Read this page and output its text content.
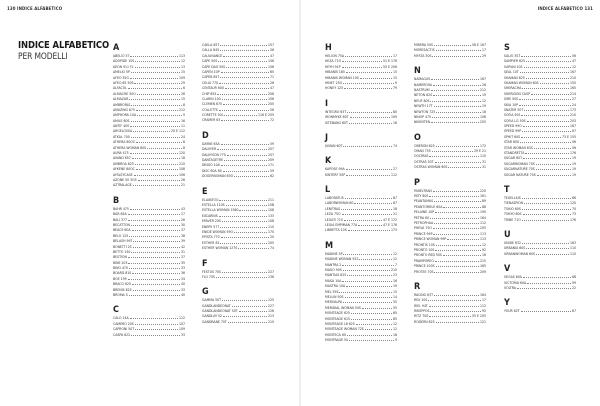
130 INDICE ALFABETICO	INDICE ALFABETICO 131
INDICE ALFABETICO
PER MODELLI
A
ABELIO 5T	113
ADOPIDE 10S	12
AEON 911 FL	13
AMELIO 5P	15
AFEO 35G	109
AFEO 65 50S	29
ALFACOL	6
ALMACHE 50O	26
ALMAZAR	15
AMBROFAS	8
AMAZING 675	212
AMPHORA 10A	9
AMILE 60S	16
ANTIF 40S	11
ARGELOSSA	20 E 112
ATKAL 700	24
ATHERA 60OC	8
ATHERA WOMAN 80S	8
AURA 475	120
AVAND 657	18
AMBROA 625	210
AYKENE 60OC	108
AYSLEYCASE	106
AZONE 50 3G5	26
AZTRALAGE	21
B
BAHR 475	43
BAR 65A	27
BALI 377	26
BECATTON	30
BEACE 60A	37
BELO 125	38
BELASH 99T	39
BONETTI 2S	42
BETTO 150	31
BESTION	37
BINE 105	35
BINO 470	33
BOARD 810	36
BOE 199	34
BRACO 625	40
BRENIS 625	33
BROMA S	40
C
CALO 14A	112
CAMERO 20S	107
CAPRONI 50T	109
CASPA 622	33
CAELA 657	107
CALLA 845	56
CAULINANCE	47
CAPE 50S	106
CAPE DAO 50S	106
CAPEN 10P	65
CAPEB 657	71
CELIA 770	26
CENTAUR 600	47
CHIP 655	208
CLARIN 100	106
CLEMEN 675	205
COLLETTE	56
CORETTE 50L	116 E 205
CRAMER 63	72
D
DAYNE 63A	59
DALVYER	207
DALVYSON 770	207
DANTAGETRE	209
DINGO 10A	171
DISC 60A 60	59
DOGERNOMAN 63O	62
E
ELAVATOO	211
ESTELLA 110S	10B
ESTELLA WOMAN 1S60	108
EXCARNIS	133
EPAVER 20S	108
ENERY 577	110
ENIDE WOMAN 59O	170
EPISTA 770	20
ESTHER 81	205
ESTHER WOMAN 1270	74
F
FESTUS 70S	227
FLO 70S	136
G
GAMMA 50T	125
GANDLANDEONAT	227
GANDLANDEONAT 50T	126
GANDLAY 52	213
GANDRANE 70T	210
H
HELION 75A	17
HEZA 71O	51 E 176
HEYH 91P	55 E 206
HIBANIS 185	15
HIBANIS WOMAN 10S	15
HINET 25O	9
HONEY 125	79
I
INTEGRO 63T	80
IRONMYKE 60T	109
ISTEBANG 60T	16
J
JUMAN 60T	74
K
KAPOSE 99A	27
KINTERF 50P	112
L
LABORATUS	87
LABORWOMAN 60	87
LENITRAS	18
LEZA 75O	21
LEGATI 715	47 E 172
LEGIA EMPIMAN 77A	47 E 176
LIBRETTA 10S	173
M
MADINE 5P	12
MADINE WOMAN 922	12
MANTRA 2	7
MAGO 90S	210
MANTIAS 625	23
MASA 10A	16
MASTRA 10A	19
MEL 55S	15
MELLIN 50S	14
MEROALPA	55
MERIDIAL WOMAN 50S	55
MONTEAGE 625	80
MONTEAGE 615	85
MONTEAGE L6 625	12
MONTEAGE WOMAN 72S	12
MONTECA 60	18
MONTRAGE 50	9
MIRERA 50S	58 E 167
MORESACTIS	17
MYSTA 50S	29
N
NAMAGUS	167
NAMEROVA	26
NASTRUM	212
NETON 62S	19
NEUF 60S	12
NEWTH 17T	19
NEWTON 725	18
NINOP 475	106
NIKENTEN	205
O
OBERON 625	172
OMAN 755	29 E 21
OOLTRAS	110
OSTRAS 50T	31
OSTRAS WOMAN 60S	31
P
PARELTRAN	220
PATY 60S	161
PEANTAMAS	89
PEANTOMELE 60A	88
PELAINE 10P	190
PETRA 60	164
PETROPHAA	112
PHEVA 75O	205
PRINCE 99P	113
PRINCE WOMAN 99P	113
PRONTIS 10S	12
PRONTO 10S	92
PRONTO RED 50S	16
PRAMPOREO	215
PRINCE 100S	165
PROTEE 70S	209
R
RACING 63T	164
REX 10S	17
RIEL 94T	112
RIKSPPOS	95
RITZ 70S	55 E 205
RODERN 625	121
S
SALIO 3ST	56
SAMPIER 625	47
SAPIAN 10S	12
SEAL 10T	167
SHAMAN 625	210
SHAMAN WOMAN 60S	155
SHERACHA	165
SHERIDON CASP	214
SIRE 50S	27
SKIA 10P	24
SNATER 50T	173
SOFIA 50S	210
SOFIA LG 50S	203
SPEED 99O	167
SPEED 99P	67
SPHIT 60S	73 E 155
STAR 60S	56
STAR WOMAN 63S	56
STANDRETTA	176
SUGAR 60T	19
SUGARWOMAN 70S	19
SUGARNATURE 70S	19
SUGAR NATURE 70S	19
T
TEXELLIUS	66
TIENASPION	120
TOKIO 60S	70
TOKYO 60S	73
TRIBE 71O	176
U
UNIDE 632	163
URBANIA 60S	110
URBANWOMAN 60S	110
V
VEGAS 60A	68
VICTORIA 60A	99
VOLTRA	22
Y
YOUR 62T	67
